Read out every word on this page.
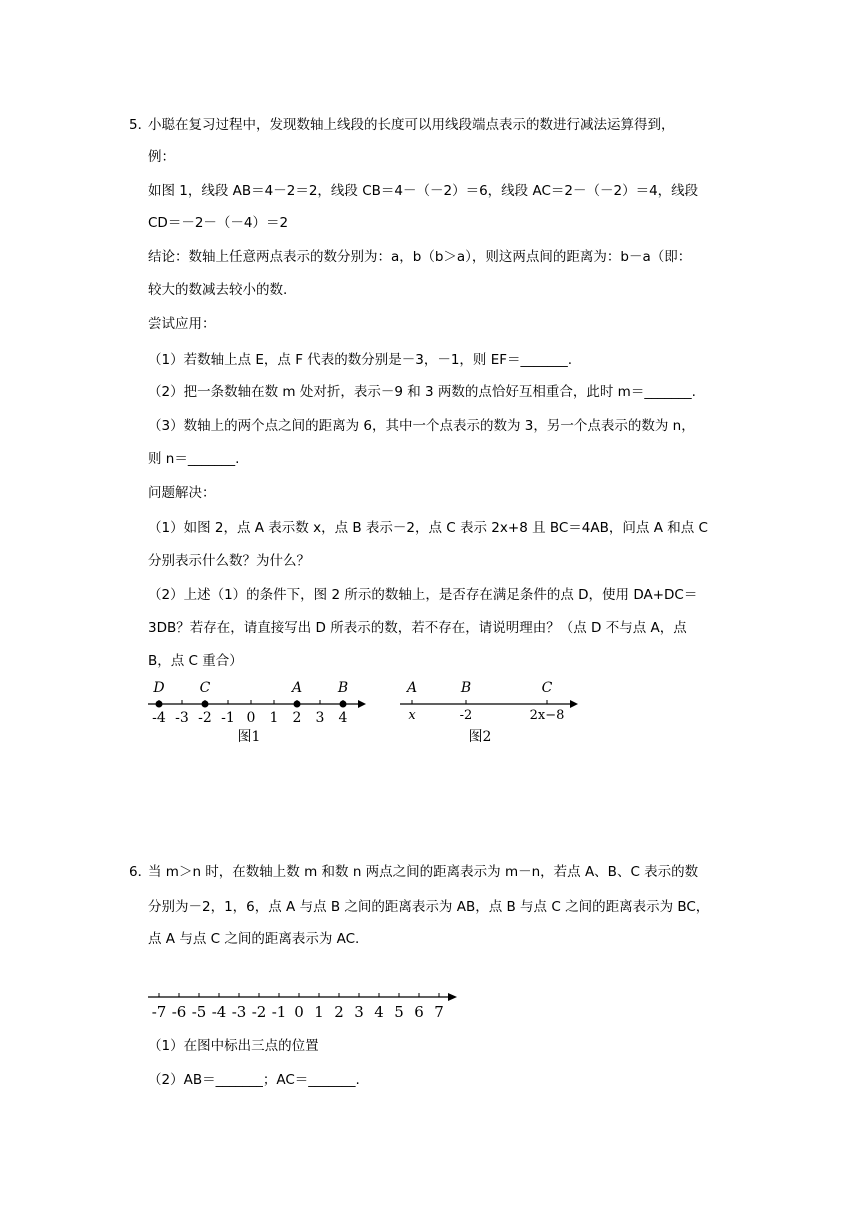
5．
小聪在复习过程中，发现数轴上线段的长度可以用线段端点表示的数进行减法运算得到，
例：
如图 1，线段 AB＝4－2＝2，线段 CB＝4－（－2）＝6，线段 AC＝2－（－2）＝4，线段
CD＝－2－（－4）＝2
结论：数轴上任意两点表示的数分别为：a，b（b＞a），则这两点间的距离为：b－a（即：
较大的数减去较小的数.
尝试应用：
（1）若数轴上点 E，点 F 代表的数分别是－3，－1，则 EF＝_______.
（2）把一条数轴在数 m 处对折，表示－9 和 3 两数的点恰好互相重合，此时 m＝_______.
（3）数轴上的两个点之间的距离为 6，其中一个点表示的数为 3，另一个点表示的数为 n，
则 n＝_______.
问题解决：
（1）如图 2，点 A 表示数 x，点 B 表示－2，点 C 表示 2x+8 且 BC＝4AB，问点 A 和点 C
分别表示什么数？为什么？
（2）上述（1）的条件下，图 2 所示的数轴上，是否存在满足条件的点 D，使用 DA+DC＝
3DB？若存在，请直接写出 D 所表示的数，若不存在，请说明理由？（点 D 不与点 A，点
B，点 C 重合）
-4 -3 -2 -1 0 1 2 3 4
D	C	A	B
图1
A
x
B
-2
C
2x−8
图2
6．
当 m＞n 时，在数轴上数 m 和数 n 两点之间的距离表示为 m－n，若点 A、B、C 表示的数
分别为－2，1，6，点 A 与点 B 之间的距离表示为 AB，点 B 与点 C 之间的距离表示为 BC，
点 A 与点 C 之间的距离表示为 AC.
-7 -6 -5 -4 -3 -2 -1 0 1 2 3 4 5 6 7
（1）在图中标出三点的位置
（2）AB＝_______；AC＝_______.
